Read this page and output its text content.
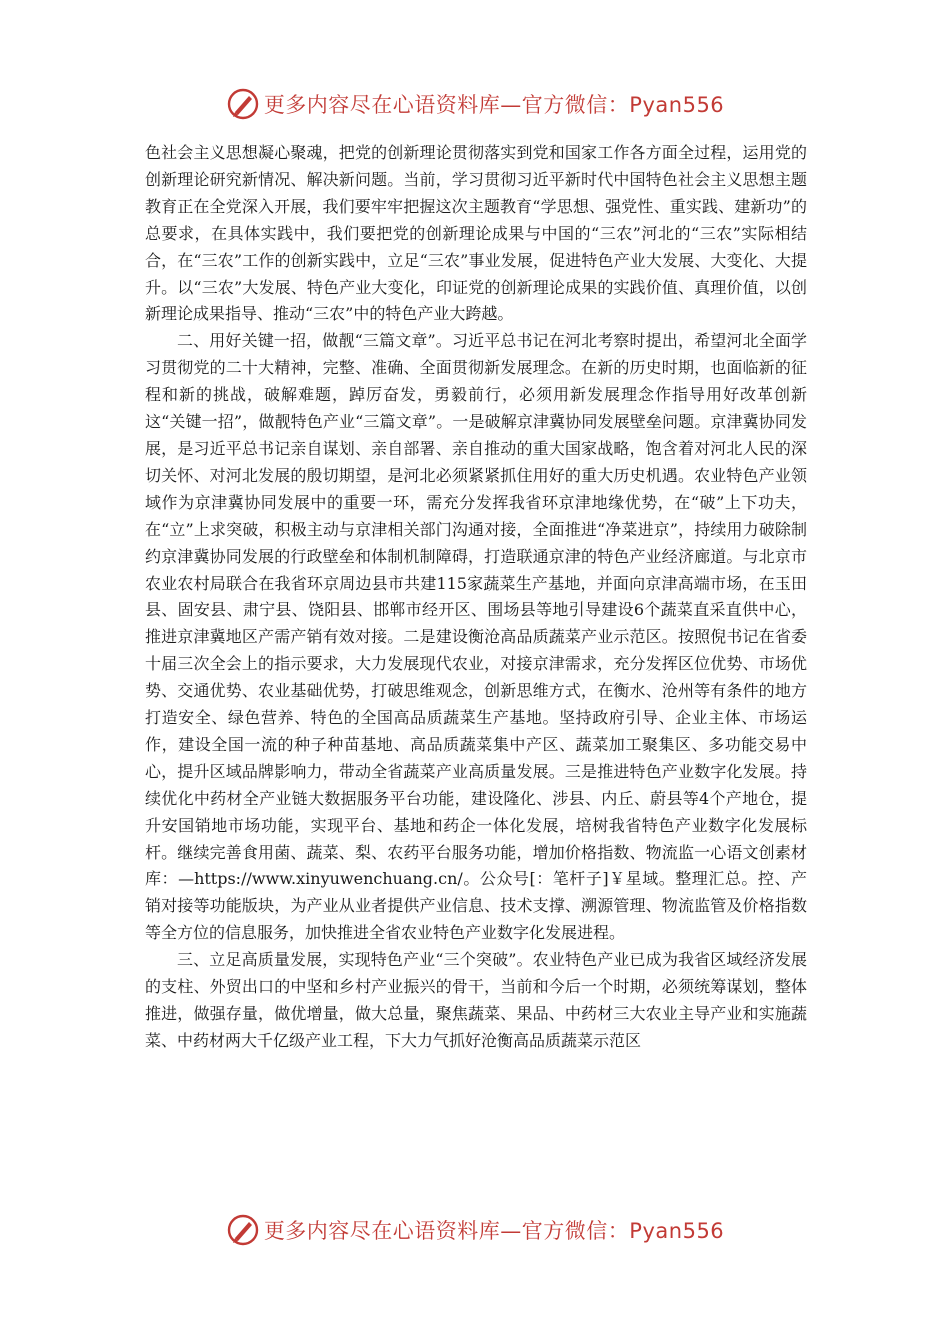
更多内容尽在心语资料库—官方微信：Pyan556

色社会主义思想凝心聚魂，把党的创新理论贯彻落实到党和国家工作各方面全过程，运用党的创新理论研究新情况、解决新问题。当前，学习贯彻习近平新时代中国特色社会主义思想主题教育正在全党深入开展，我们要牢牢把握这次主题教育“学思想、强党性、重实践、建新功”的总要求，在具体实践中，我们要把党的创新理论成果与中国的“三农”河北的“三农”实际相结合，在“三农”工作的创新实践中，立足“三农”事业发展，促进特色产业大发展、大变化、大提升。以“三农”大发展、特色产业大变化，印证党的创新理论成果的实践价值、真理价值，以创新理论成果指导、推动“三农”中的特色产业大跨越。

二、用好关键一招，做靓“三篇文章”。习近平总书记在河北考察时提出，希望河北全面学习贯彻党的二十大精神，完整、准确、全面贯彻新发展理念。在新的历史时期，也面临新的征程和新的挑战，破解难题，踔厉奋发，勇毅前行，必须用新发展理念作指导用好改革创新这“关键一招”，做靓特色产业“三篇文章”。一是破解京津冀协同发展壁垒问题。京津冀协同发展，是习近平总书记亲自谋划、亲自部署、亲自推动的重大国家战略，饱含着对河北人民的深切关怀、对河北发展的殷切期望，是河北必须紧紧抓住用好的重大历史机遇。农业特色产业领域作为京津冀协同发展中的重要一环，需充分发挥我省环京津地缘优势，在“破”上下功夫，在“立”上求突破，积极主动与京津相关部门沟通对接，全面推进“净菜进京”，持续用力破除制约京津冀协同发展的行政壁垒和体制机制障碍，打造联通京津的特色产业经济廊道。与北京市农业农村局联合在我省环京周边县市共建115家蔬菜生产基地，并面向京津高端市场，在玉田县、固安县、肃宁县、饶阳县、邯郸市经开区、围场县等地引导建设6个蔬菜直采直供中心，推进京津冀地区产需产销有效对接。二是建设衡沧高品质蔬菜产业示范区。按照倪书记在省委十届三次全会上的指示要求，大力发展现代农业，对接京津需求，充分发挥区位优势、市场优势、交通优势、农业基础优势，打破思维观念，创新思维方式，在衡水、沧州等有条件的地方打造安全、绿色营养、特色的全国高品质蔬菜生产基地。坚持政府引导、企业主体、市场运作，建设全国一流的种子种苗基地、高品质蔬菜集中产区、蔬菜加工聚集区、多功能交易中心，提升区域品牌影响力，带动全省蔬菜产业高质量发展。三是推进特色产业数字化发展。持续优化中药材全产业链大数据服务平台功能，建设隆化、涉县、内丘、蔚县等4个产地仓，提升安国销地市场功能，实现平台、基地和药企一体化发展，培树我省特色产业数字化发展标杆。继续完善食用菌、蔬菜、梨、农药平台服务功能，增加价格指数、物流监一心语文创素材库：—https://www.xinyuwenchuang.cn/。公众号[：笔杆子]￥星域。整理汇总。控、产销对接等功能版块，为产业从业者提供产业信息、技术支撑、溯源管理、物流监管及价格指数等全方位的信息服务，加快推进全省农业特色产业数字化发展进程。

三、立足高质量发展，实现特色产业“三个突破”。农业特色产业已成为我省区域经济发展的支柱、外贸出口的中坚和乡村产业振兴的骨干，当前和今后一个时期，必须统筹谋划，整体推进，做强存量，做优增量，做大总量，聚焦蔬菜、果品、中药材三大农业主导产业和实施蔬菜、中药材两大千亿级产业工程，下大力气抓好沧衡高品质蔬菜示范区

更多内容尽在心语资料库—官方微信：Pyan556
